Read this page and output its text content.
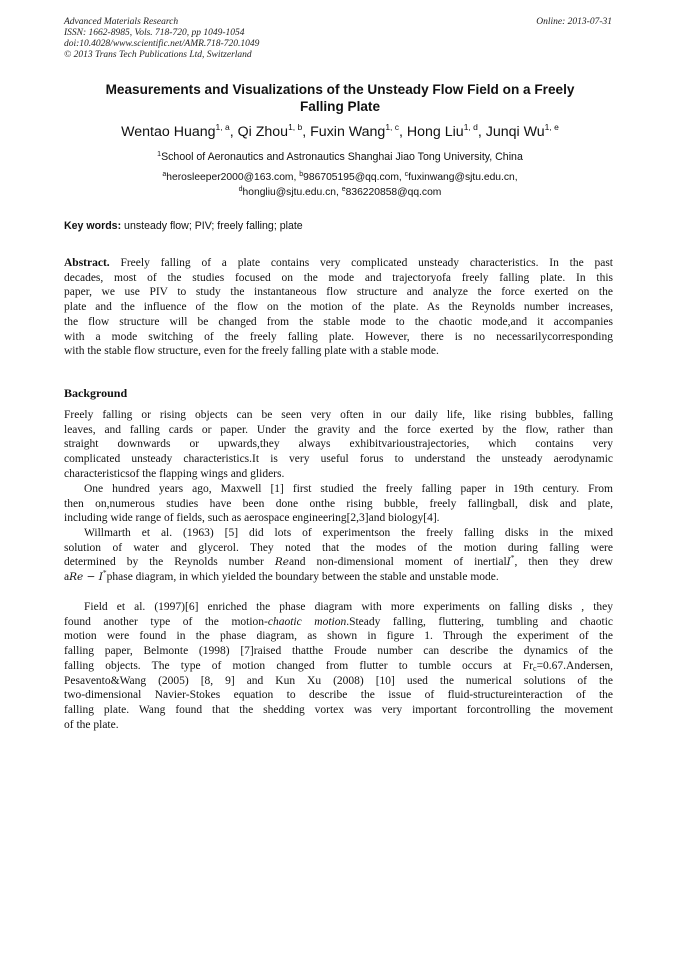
Advanced Materials Research
ISSN: 1662-8985, Vols. 718-720, pp 1049-1054
doi:10.4028/www.scientific.net/AMR.718-720.1049
© 2013 Trans Tech Publications Ltd, Switzerland
Online: 2013-07-31
Measurements and Visualizations of the Unsteady Flow Field on a Freely
Falling Plate
Wentao Huang$^{1, a}$, Qi Zhou$^{1, b}$, Fuxin Wang$^{1, c}$, Hong Liu$^{1, d}$, Junqi Wu$^{1, e}$
$^1$School of Aeronautics and Astronautics Shanghai Jiao Tong University, China
$^a$herosleeper2000@163.com, $^b$986705195@qq.com, $^c$fuxinwang@sjtu.edu.cn,
$^d$hongliu@sjtu.edu.cn, $^e$836220858@qq.com
Key words: unsteady flow; PIV; freely falling; plate
Abstract. Freely falling of a plate contains very complicated unsteady characteristics. In the past
decades, most of the studies focused on the mode and trajectoryofa freely falling plate. In this
paper, we use PIV to study the instantaneous flow structure and analyze the force exerted on the
plate and the influence of the flow on the motion of the plate. As the Reynolds number increases,
the flow structure will be changed from the stable mode to the chaotic mode,and it accompanies
with a mode switching of the freely falling plate. However, there is no necessarilycorresponding
with the stable flow structure, even for the freely falling plate with a stable mode.
Background
Freely falling or rising objects can be seen very often in our daily life, like rising bubbles, falling
leaves, and falling cards or paper. Under the gravity and the force exerted by the flow, rather than
straight downwards or upwards,they always exhibitvarioustrajectories, which contains very
complicated unsteady characteristics.It is very useful forus to understand the unsteady aerodynamic
characteristicsof the flapping wings and gliders.
One hundred years ago, Maxwell [1] first studied the freely falling paper in 19th century. From
then on,numerous studies have been done onthe rising bubble, freely fallingball, disk and plate,
including wide range of fields, such as aerospace engineering[2,3]and biology[4].
Willmarth et al. (1963) [5] did lots of experimentson the freely falling disks in the mixed
solution of water and glycerol. They noted that the modes of the motion during falling were
determined by the Reynolds number Reand non-dimensional moment of inertialI*, then they drew
aRe − I*phase diagram, in which yielded the boundary between the stable and unstable mode.
Field et al. (1997)[6] enriched the phase diagram with more experiments on falling disks , they
found another type of the motion-chaotic motion.Steady falling, fluttering, tumbling and chaotic
motion were found in the phase diagram, as shown in figure 1. Through the experiment of the
falling paper, Belmonte (1998) [7]raised thatthe Froude number can describe the dynamics of the
falling objects. The type of motion changed from flutter to tumble occurs at $Fr_c=0.67.Andersen$,
Pesavento&Wang (2005) [8, 9] and Kun Xu (2008) [10] used the numerical solutions of the
two-dimensional Navier-Stokes equation to describe the issue of fluid-structureinteraction of the
falling plate. Wang found that the shedding vortex was very important forcontrolling the movement
of the plate.
